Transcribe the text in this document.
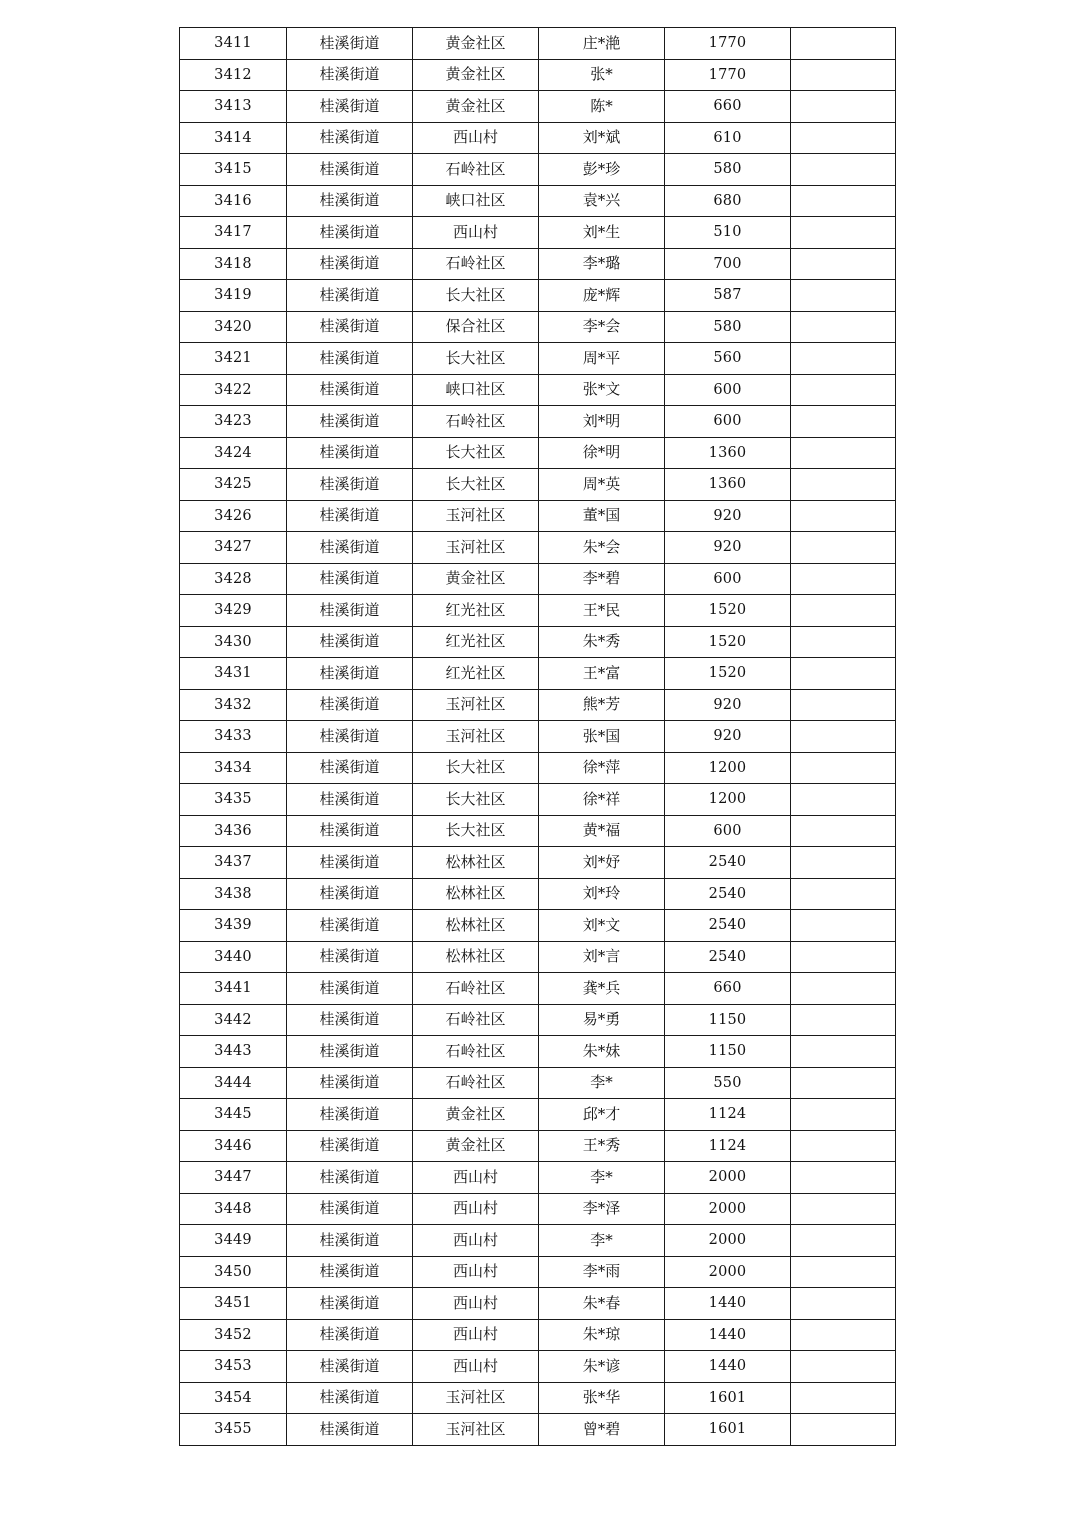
3411	桂溪街道	黄金社区	庄*滟	1770	
3412	桂溪街道	黄金社区	张*	1770	
3413	桂溪街道	黄金社区	陈*	660	
3414	桂溪街道	西山村	刘*斌	610	
3415	桂溪街道	石岭社区	彭*珍	580	
3416	桂溪街道	峡口社区	袁*兴	680	
3417	桂溪街道	西山村	刘*生	510	
3418	桂溪街道	石岭社区	李*璐	700	
3419	桂溪街道	长大社区	庞*辉	587	
3420	桂溪街道	保合社区	李*会	580	
3421	桂溪街道	长大社区	周*平	560	
3422	桂溪街道	峡口社区	张*文	600	
3423	桂溪街道	石岭社区	刘*明	600	
3424	桂溪街道	长大社区	徐*明	1360	
3425	桂溪街道	长大社区	周*英	1360	
3426	桂溪街道	玉河社区	董*国	920	
3427	桂溪街道	玉河社区	朱*会	920	
3428	桂溪街道	黄金社区	李*碧	600	
3429	桂溪街道	红光社区	王*民	1520	
3430	桂溪街道	红光社区	朱*秀	1520	
3431	桂溪街道	红光社区	王*富	1520	
3432	桂溪街道	玉河社区	熊*芳	920	
3433	桂溪街道	玉河社区	张*国	920	
3434	桂溪街道	长大社区	徐*萍	1200	
3435	桂溪街道	长大社区	徐*祥	1200	
3436	桂溪街道	长大社区	黄*福	600	
3437	桂溪街道	松林社区	刘*妤	2540	
3438	桂溪街道	松林社区	刘*玲	2540	
3439	桂溪街道	松林社区	刘*文	2540	
3440	桂溪街道	松林社区	刘*言	2540	
3441	桂溪街道	石岭社区	龚*兵	660	
3442	桂溪街道	石岭社区	易*勇	1150	
3443	桂溪街道	石岭社区	朱*妹	1150	
3444	桂溪街道	石岭社区	李*	550	
3445	桂溪街道	黄金社区	邱*才	1124	
3446	桂溪街道	黄金社区	王*秀	1124	
3447	桂溪街道	西山村	李*	2000	
3448	桂溪街道	西山村	李*泽	2000	
3449	桂溪街道	西山村	李*	2000	
3450	桂溪街道	西山村	李*雨	2000	
3451	桂溪街道	西山村	朱*春	1440	
3452	桂溪街道	西山村	朱*琼	1440	
3453	桂溪街道	西山村	朱*谚	1440	
3454	桂溪街道	玉河社区	张*华	1601	
3455	桂溪街道	玉河社区	曾*碧	1601	
